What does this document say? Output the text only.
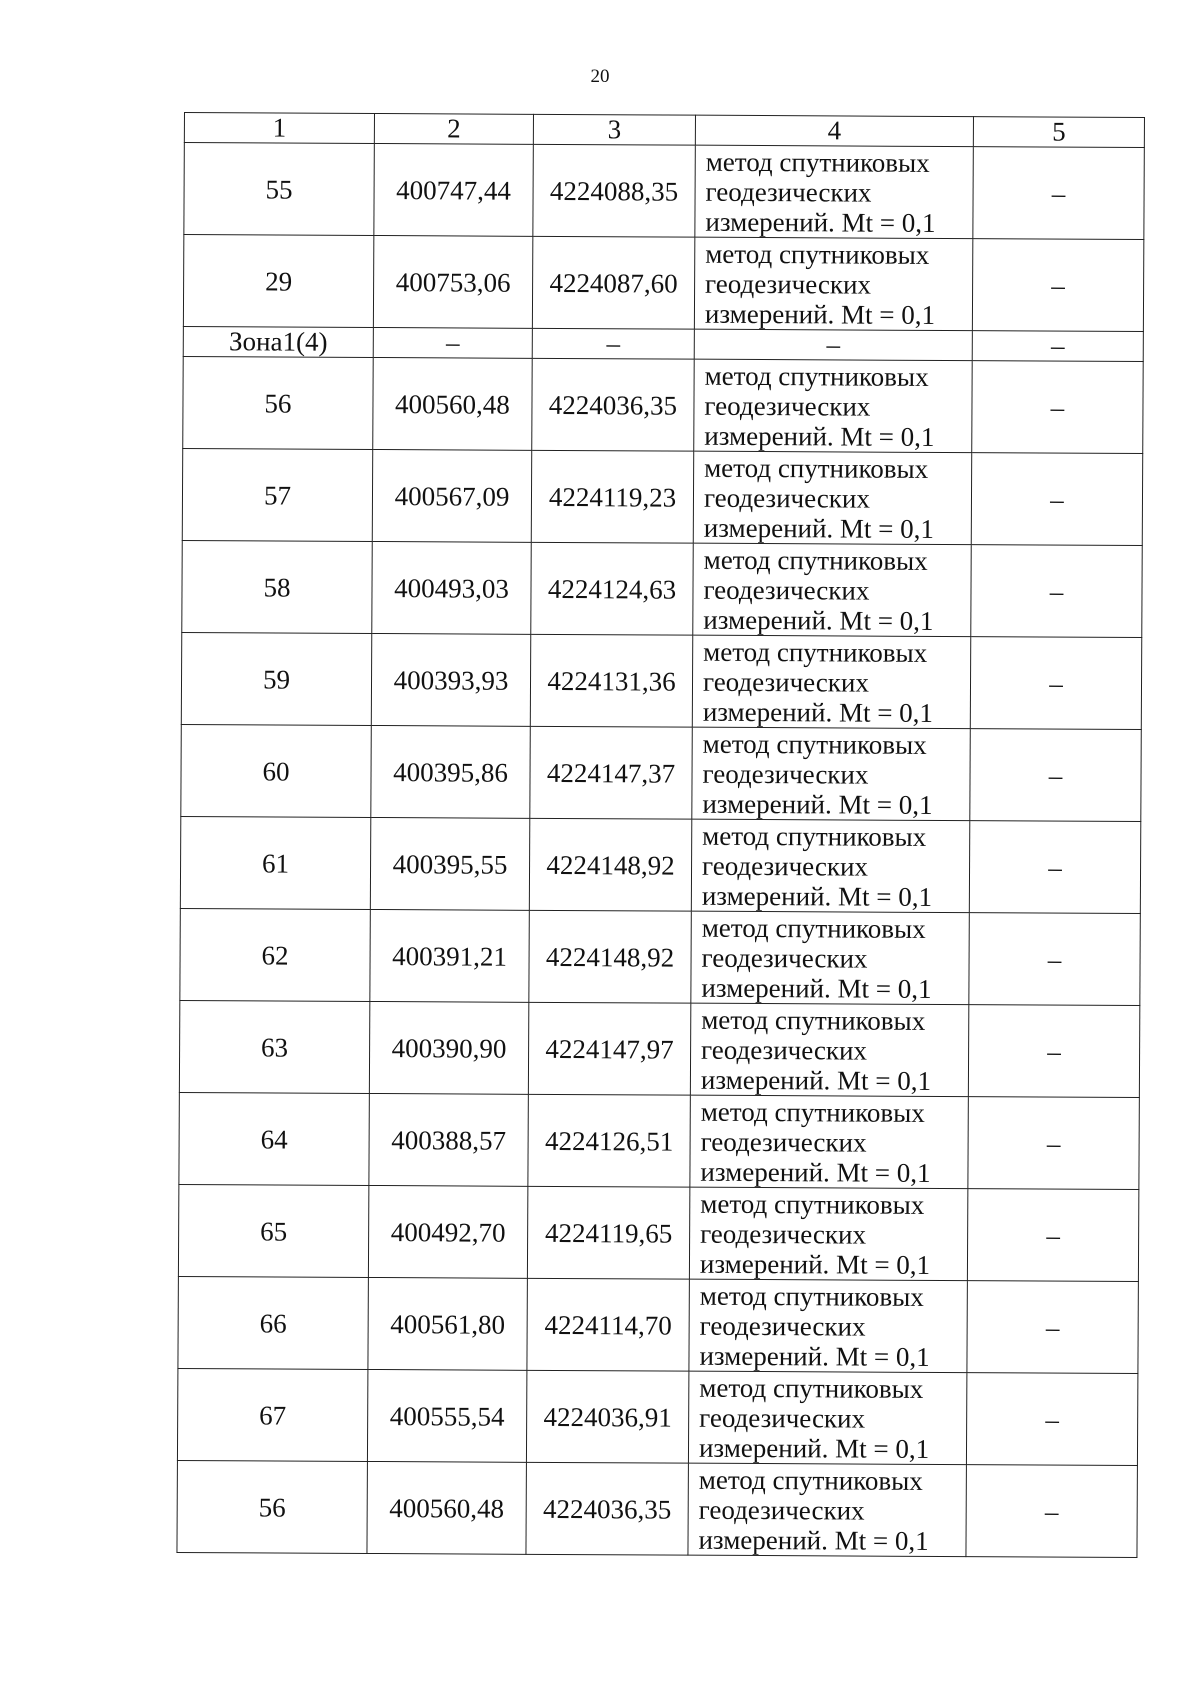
20
1	2	3	4	5
55	400747,44	4224088,35	метод спутниковых
геодезических
измерений. Mt = 0,1	–
29	400753,06	4224087,60	метод спутниковых
геодезических
измерений. Mt = 0,1	–
Зона1(4)	–	–	–	–
56	400560,48	4224036,35	метод спутниковых
геодезических
измерений. Mt = 0,1	–
57	400567,09	4224119,23	метод спутниковых
геодезических
измерений. Mt = 0,1	–
58	400493,03	4224124,63	метод спутниковых
геодезических
измерений. Mt = 0,1	–
59	400393,93	4224131,36	метод спутниковых
геодезических
измерений. Mt = 0,1	–
60	400395,86	4224147,37	метод спутниковых
геодезических
измерений. Mt = 0,1	–
61	400395,55	4224148,92	метод спутниковых
геодезических
измерений. Mt = 0,1	–
62	400391,21	4224148,92	метод спутниковых
геодезических
измерений. Mt = 0,1	–
63	400390,90	4224147,97	метод спутниковых
геодезических
измерений. Mt = 0,1	–
64	400388,57	4224126,51	метод спутниковых
геодезических
измерений. Mt = 0,1	–
65	400492,70	4224119,65	метод спутниковых
геодезических
измерений. Mt = 0,1	–
66	400561,80	4224114,70	метод спутниковых
геодезических
измерений. Mt = 0,1	–
67	400555,54	4224036,91	метод спутниковых
геодезических
измерений. Mt = 0,1	–
56	400560,48	4224036,35	метод спутниковых
геодезических
измерений. Mt = 0,1	–
